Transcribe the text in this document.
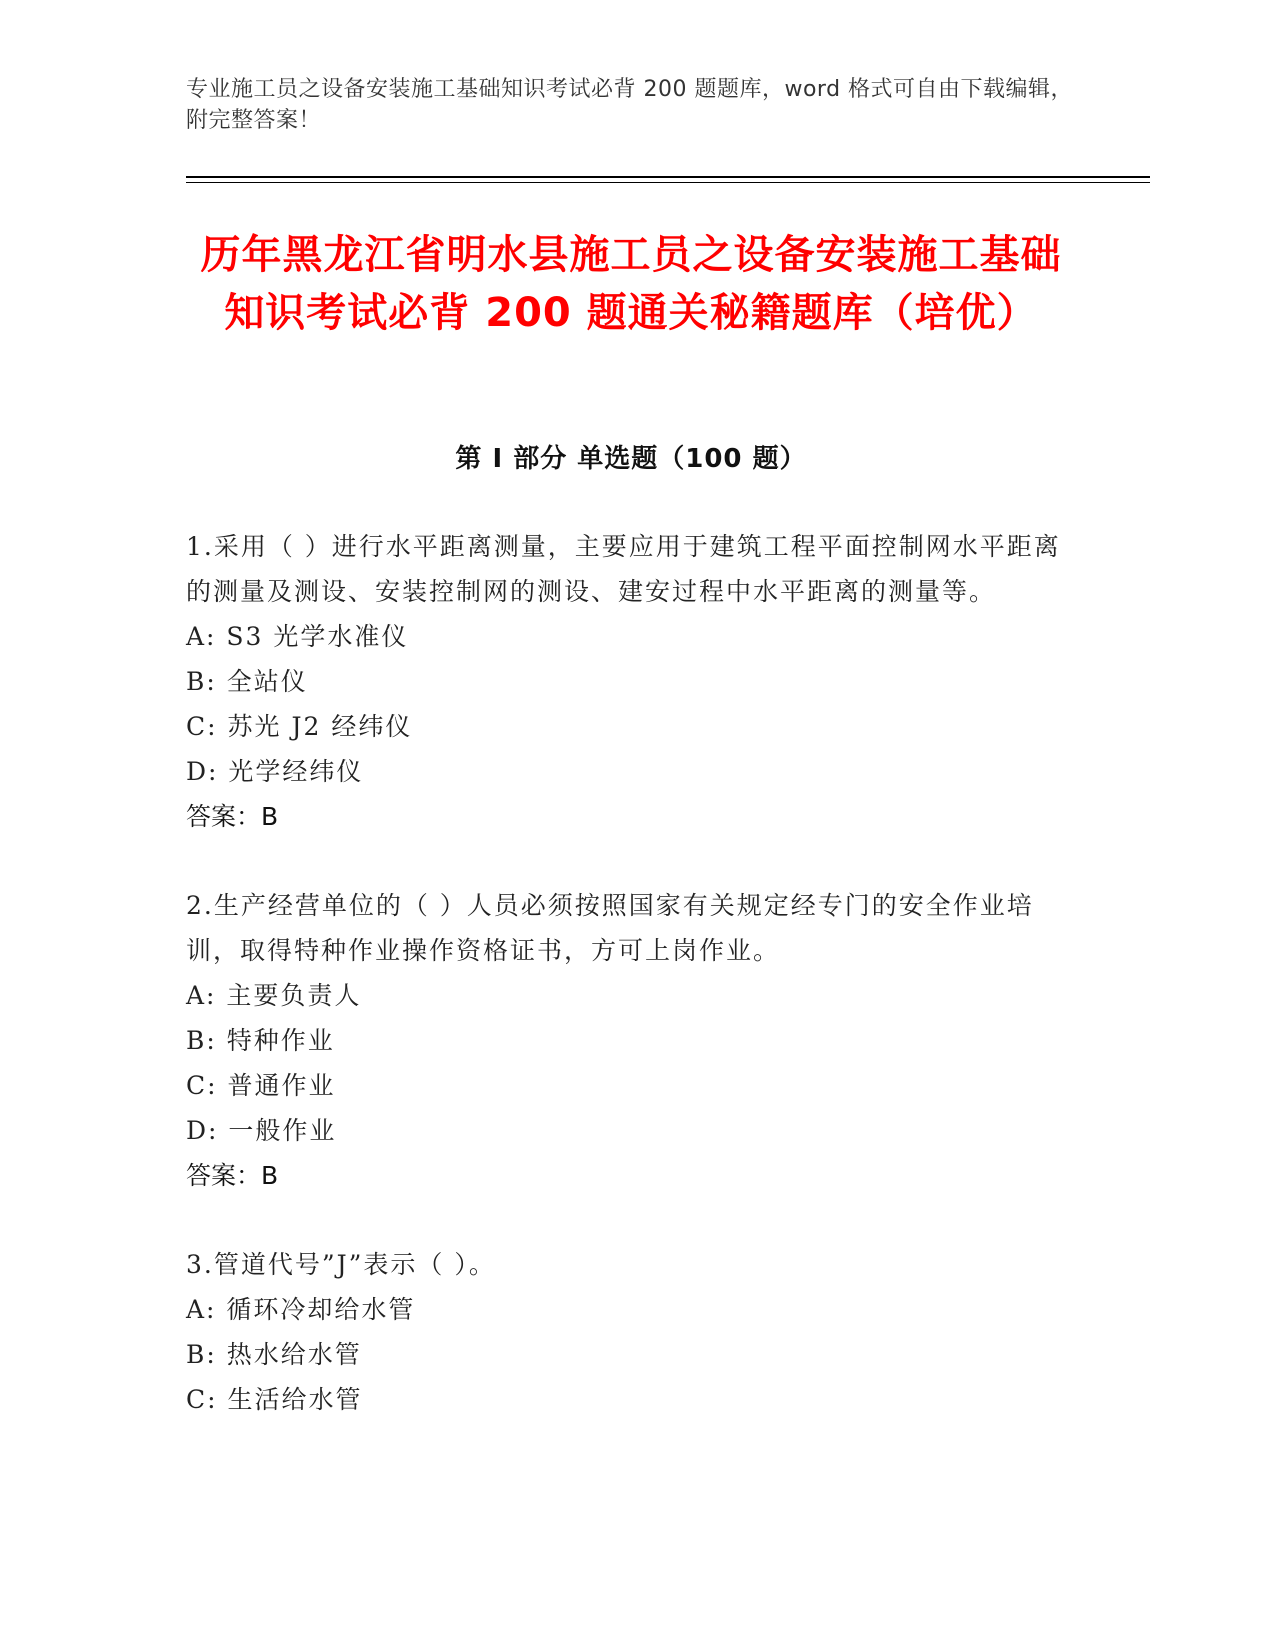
专业施工员之设备安装施工基础知识考试必背 200 题题库，word 格式可自由下载编辑，附完整答案！
历年黑龙江省明水县施工员之设备安装施工基础知识考试必背 200 题通关秘籍题库（培优）
第 I 部分 单选题（100 题）
1.采用（ ）进行水平距离测量，主要应用于建筑工程平面控制网水平距离的测量及测设、安装控制网的测设、建安过程中水平距离的测量等。
A: S3 光学水准仪
B: 全站仪
C: 苏光 J2 经纬仪
D: 光学经纬仪
答案：B
2.生产经营单位的（ ）人员必须按照国家有关规定经专门的安全作业培训，取得特种作业操作资格证书，方可上岗作业。
A: 主要负责人
B: 特种作业
C: 普通作业
D: 一般作业
答案：B
3.管道代号”J”表示（ ）。
A: 循环冷却给水管
B: 热水给水管
C: 生活给水管
